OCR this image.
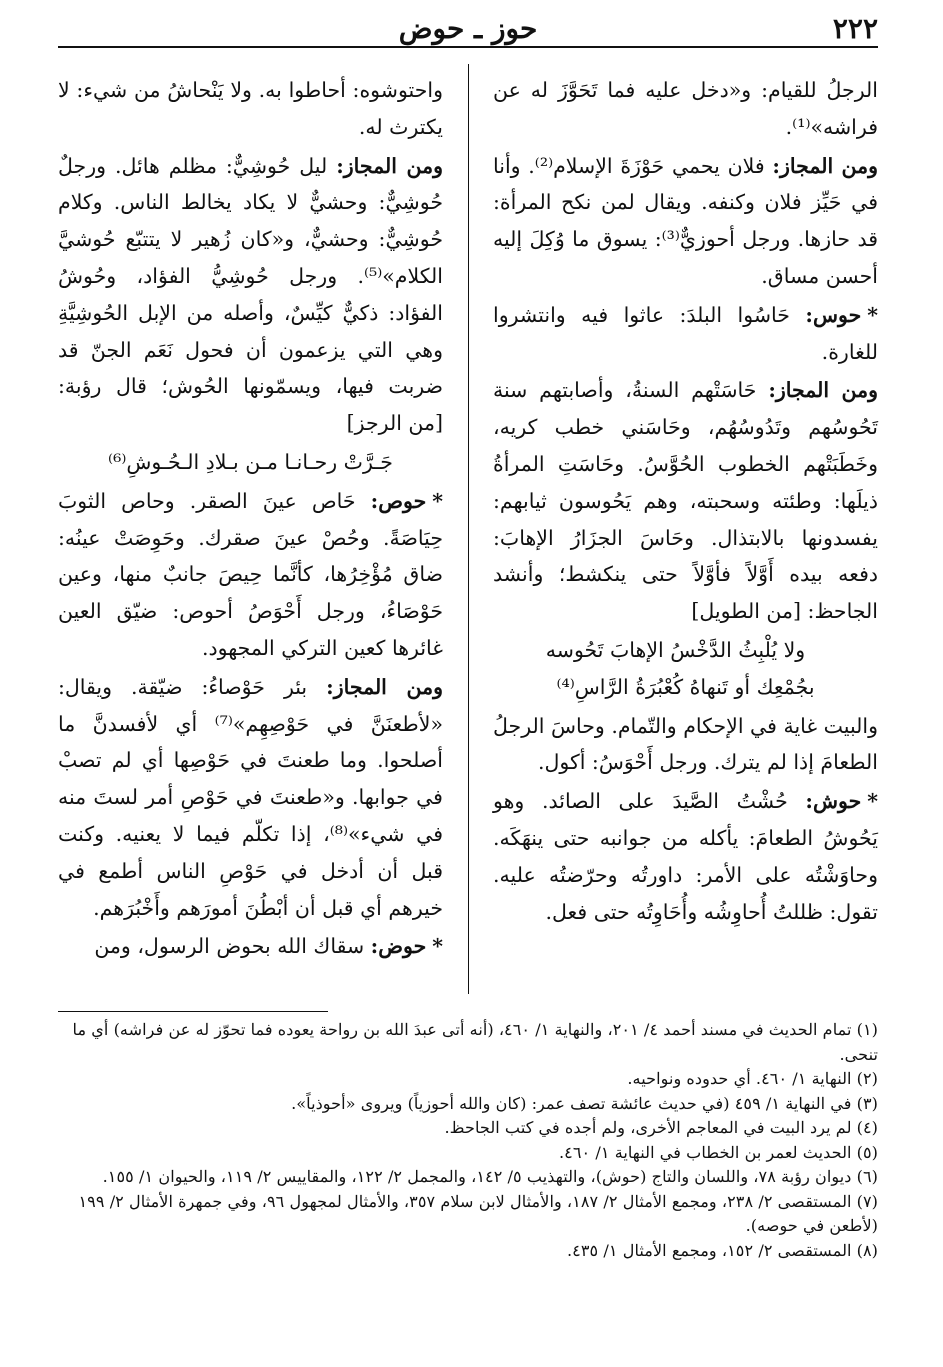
٢٢٢
حوز ـ حوض

الرجلُ للقيام: و«دخل عليه فما تَحَوَّزَ له عن فراشه»⁽¹⁾.

ومن المجاز: فلان يحمي حَوْزَةَ الإسلام⁽²⁾. وأنا في حَيِّز فلان وكنفه. ويقال لمن نكح المرأة: قد حازها. ورجل أحوزيٌّ⁽³⁾: يسوق ما وُكِلَ إليه أحسن مساق.

*حوس: حَاسُوا البلدَ: عاثوا فيه وانتشروا للغارة.

ومن المجاز: حَاسَتْهم السنةُ، وأصابتهم سنة تَحُوسُهم وتَدُوسُهُم، وحَاسَني خطب كريه، وخَطَبَتْهم الخطوب الحُوَّسُ. وحَاسَتِ المرأةُ ذيلَها: وطئته وسحبته، وهم يَحُوسون ثيابهم: يفسدونها بالابتذال. وحَاسَ الجزَارُ الإهابَ: دفعه بيده أَوَّلاً فأوَّلاً حتى ينكشط؛ وأنشد الجاحظ: [من الطويل]

ولا يُلْبِثُ الدَّخْسُ الإهابَ تَحُوسه
بجُمْعِك أو تَنهاهُ كُعْبُرَةُ الرَّاسِ⁽⁴⁾

والبيت غاية في الإحكام والتّمام. وحاسَ الرجلُ الطعامَ إذا لم يترك. ورجل أَحْوَسُ: أكول.

*حوش: حُشْتُ الصَّيدَ على الصائد. وهو يَحُوشُ الطعامَ: يأكله من جوانبه حتى ينهَكَه. وحاوَشْتُه على الأمر: داورتُه وحرّضتُه عليه. تقول: ظللتُ أُحاوِشُه وأُحَاوِتُه حتى فعل.

واحتوشوه: أحاطوا به. ولا يَنْحاشُ من شيء: لا يكترث له.

ومن المجاز: ليل حُوشِيٌّ: مظلم هائل. ورجلٌ حُوشِيٌّ: وحشيٌّ لا يكاد يخالط الناس. وكلام حُوشِيٌّ: وحشيٌّ، و«كان زُهير لا يتتبّع حُوشيَّ الكلام»⁽⁵⁾. ورجل حُوشِيُّ الفؤاد، وحُوشُ الفؤاد: ذكيٌّ كيِّسٌ، وأصله من الإبل الحُوشِيَّةِ وهي التي يزعمون أن فحول نَعَم الجنّ قد ضربت فيها، ويسمّونها الحُوش؛ قال رؤبة: [من الرجز]

جَـرَّتْ رحـانـا مـن بـلادِ الـحُـوشِ⁽⁶⁾

*حوص: حَاص عينَ الصقر. وحاص الثوبَ حِيَاصَةً. وحُصْ عينَ صقرك. وحَوِصَتْ عينُه: ضاق مُؤْخِرُها، كأنَّما حِيصَ جانبٌ منها، وعين حَوْصَاءُ، ورجل أَحْوَصُ أحوص: ضيّق العين غائرها كعين التركي المجهود.

ومن المجاز: بئر حَوْصاءُ: ضيّقة. ويقال: «لأطعنَنَّ في حَوْصِهِم»⁽⁷⁾ أي لأفسدنَّ ما أصلحوا. وما طعنتَ في حَوْصِها أي لم تصبْ في جوابها. و«طعنتَ في حَوْصِ أمر لستَ منه في شيء»⁽⁸⁾، إذا تكلّم فيما لا يعنيه. وكنت قبل أن أدخل في حَوْصِ الناس أطمع في خيرهم أي قبل أن أبْطُنَ أمورَهم وأَخْبُرَهم.

*حوض: سقاك الله بحوض الرسول، ومن

(١) تمام الحديث في مسند أحمد ٤/ ٢٠١، والنهاية ١/ ٤٦٠، (أنه أتى عبدَ الله بن رواحة يعوده فما تحوّز له عن فراشه) أي ما تنحى.
(٢) النهاية ١/ ٤٦٠. أي حدوده ونواحيه.
(٣) في النهاية ١/ ٤٥٩ (في حديث عائشة تصف عمر: (كان والله أحوزياً) ويروى «أحوذياً».
(٤) لم يرد البيت في المعاجم الأخرى، ولم أجده في كتب الجاحظ.
(٥) الحديث لعمر بن الخطاب في النهاية ١/ ٤٦٠.
(٦) ديوان رؤبة ٧٨، واللسان والتاج (حوش)، والتهذيب ٥/ ١٤٢، والمجمل ٢/ ١٢٢، والمقاييس ٢/ ١١٩، والحيوان ١/ ١٥٥.
(٧) المستقصى ٢/ ٢٣٨، ومجمع الأمثال ٢/ ١٨٧، والأمثال لابن سلام ٣٥٧، والأمثال لمجهول ٩٦، وفي جمهرة الأمثال ٢/ ١٩٩ (لأطعن في حوصه).
(٨) المستقصى ٢/ ١٥٢، ومجمع الأمثال ١/ ٤٣٥.
